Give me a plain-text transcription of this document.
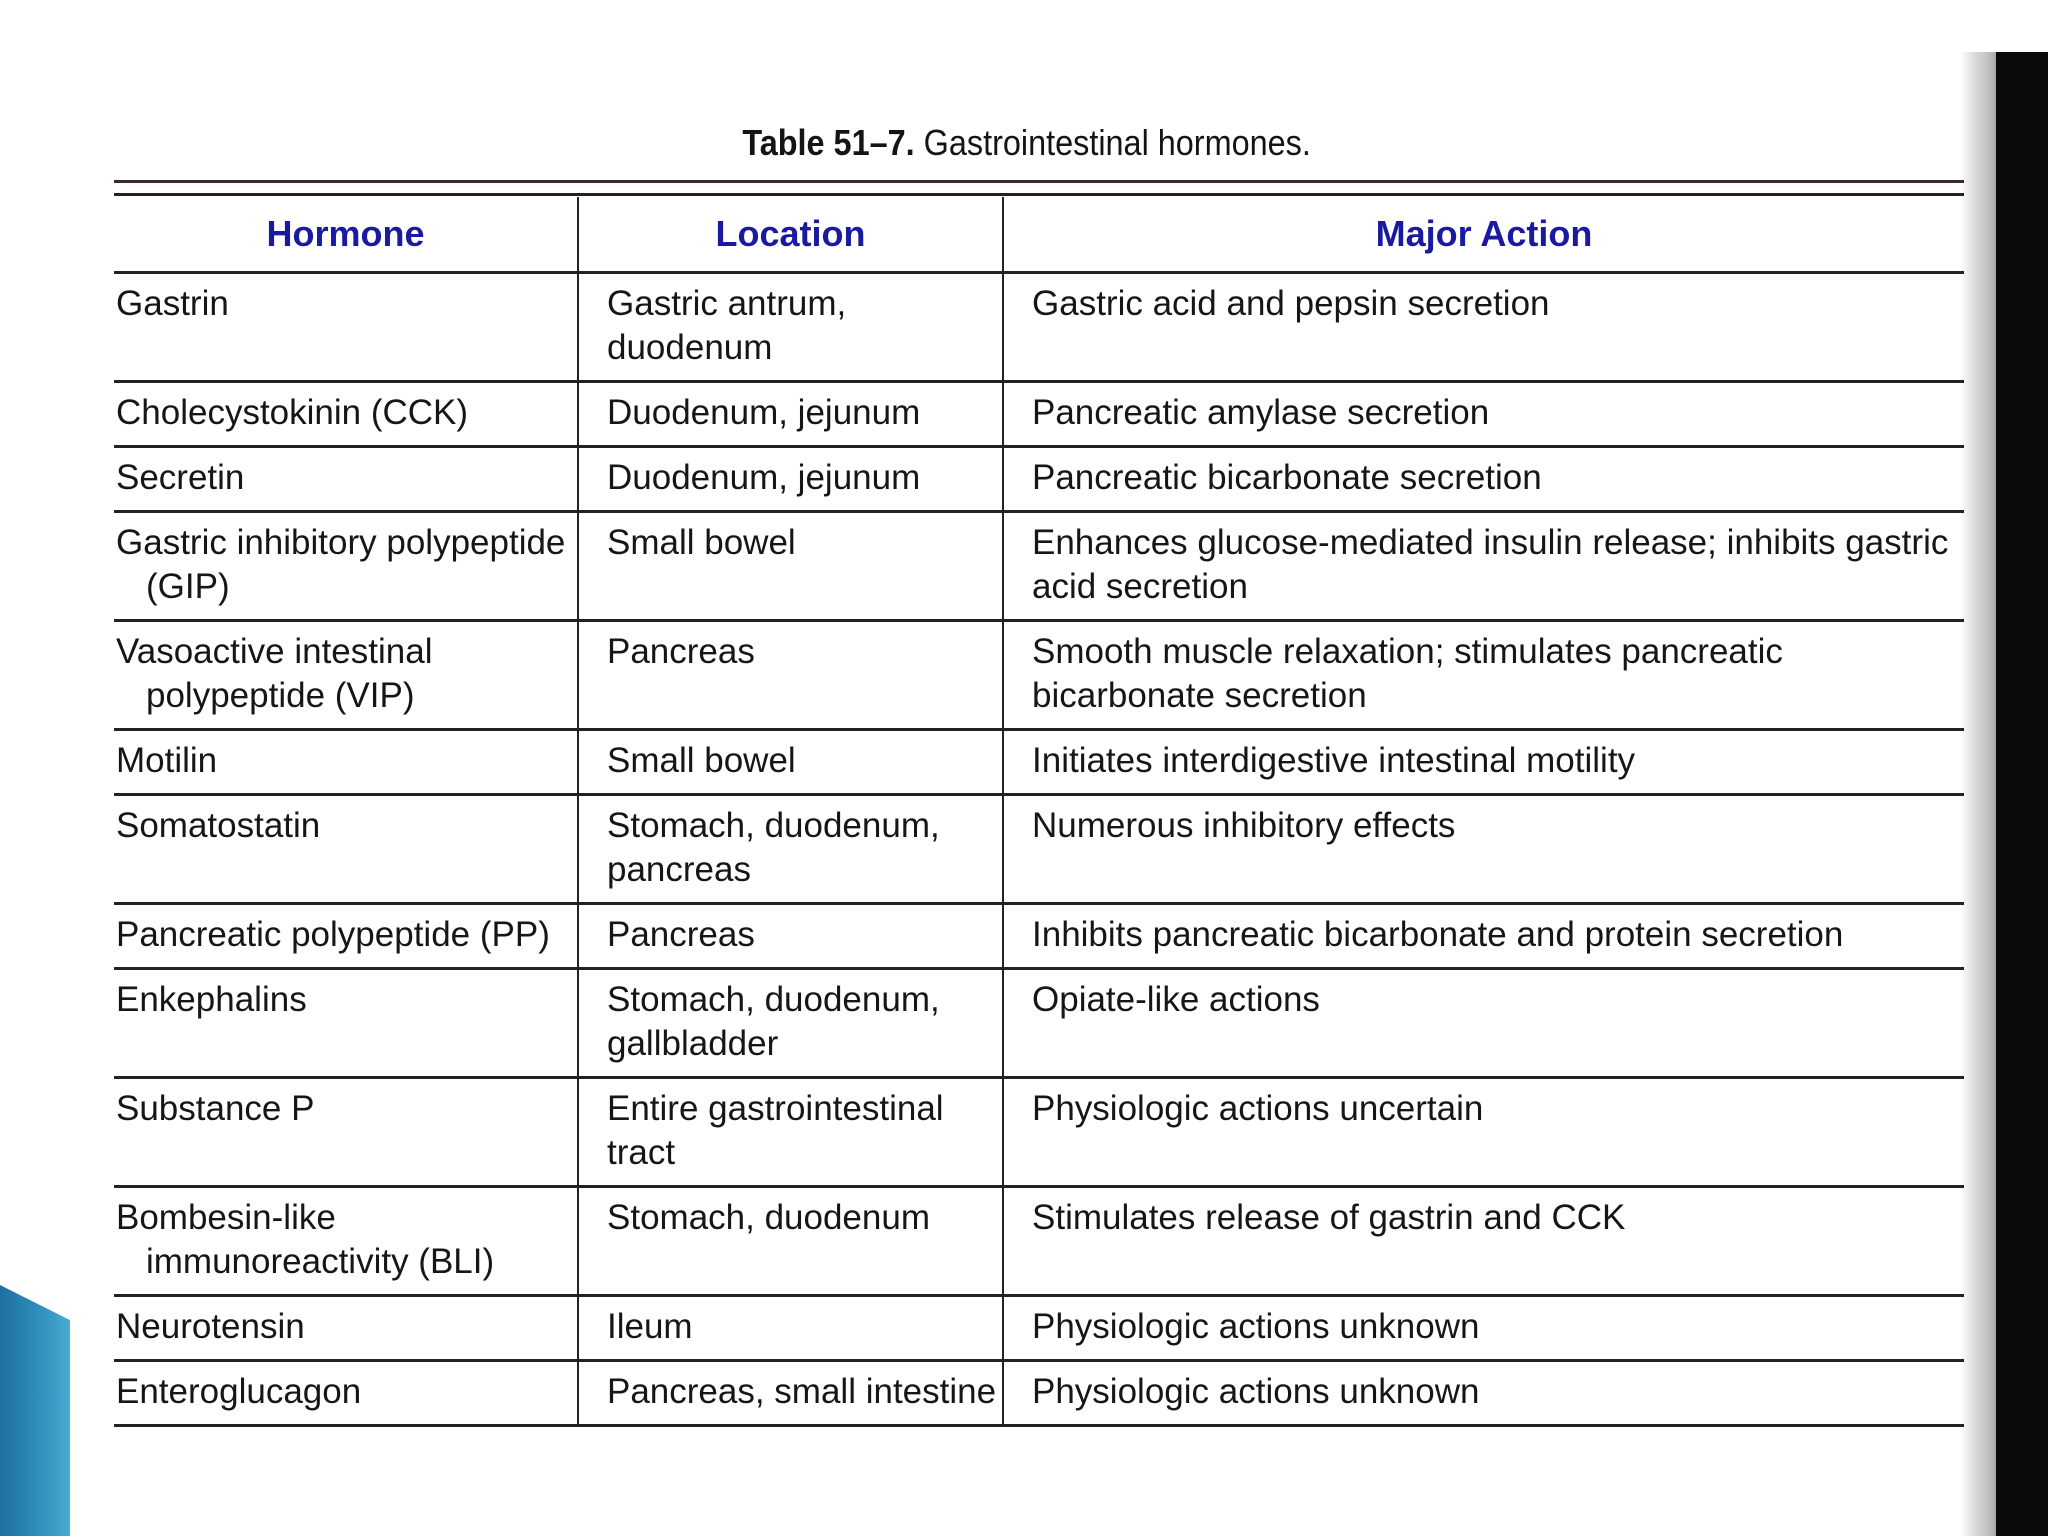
Table 51–7. Gastrointestinal hormones.
Hormone	Location	Major Action

Gastrin	Gastric antrum, duodenum	Gastric acid and pepsin secretion

Cholecystokinin (CCK)	Duodenum, jejunum	Pancreatic amylase secretion

Secretin	Duodenum, jejunum	Pancreatic bicarbonate secretion

Gastric inhibitory polypeptide (GIP)	Small bowel	Enhances glucose-mediated insulin release; inhibits gastric acid secretion

Vasoactive intestinal polypeptide (VIP)	Pancreas	Smooth muscle relaxation; stimulates pancreatic bicarbonate secretion

Motilin	Small bowel	Initiates interdigestive intestinal motility

Somatostatin	Stomach, duodenum, pancreas	Numerous inhibitory effects

Pancreatic polypeptide (PP)	Pancreas	Inhibits pancreatic bicarbonate and protein secretion

Enkephalins	Stomach, duodenum, gallbladder	Opiate-like actions

Substance P	Entire gastrointestinal tract	Physiologic actions uncertain

Bombesin-like immunoreactivity (BLI)	Stomach, duodenum	Stimulates release of gastrin and CCK

Neurotensin	Ileum	Physiologic actions unknown

Enteroglucagon	Pancreas, small intestine	Physiologic actions unknown
